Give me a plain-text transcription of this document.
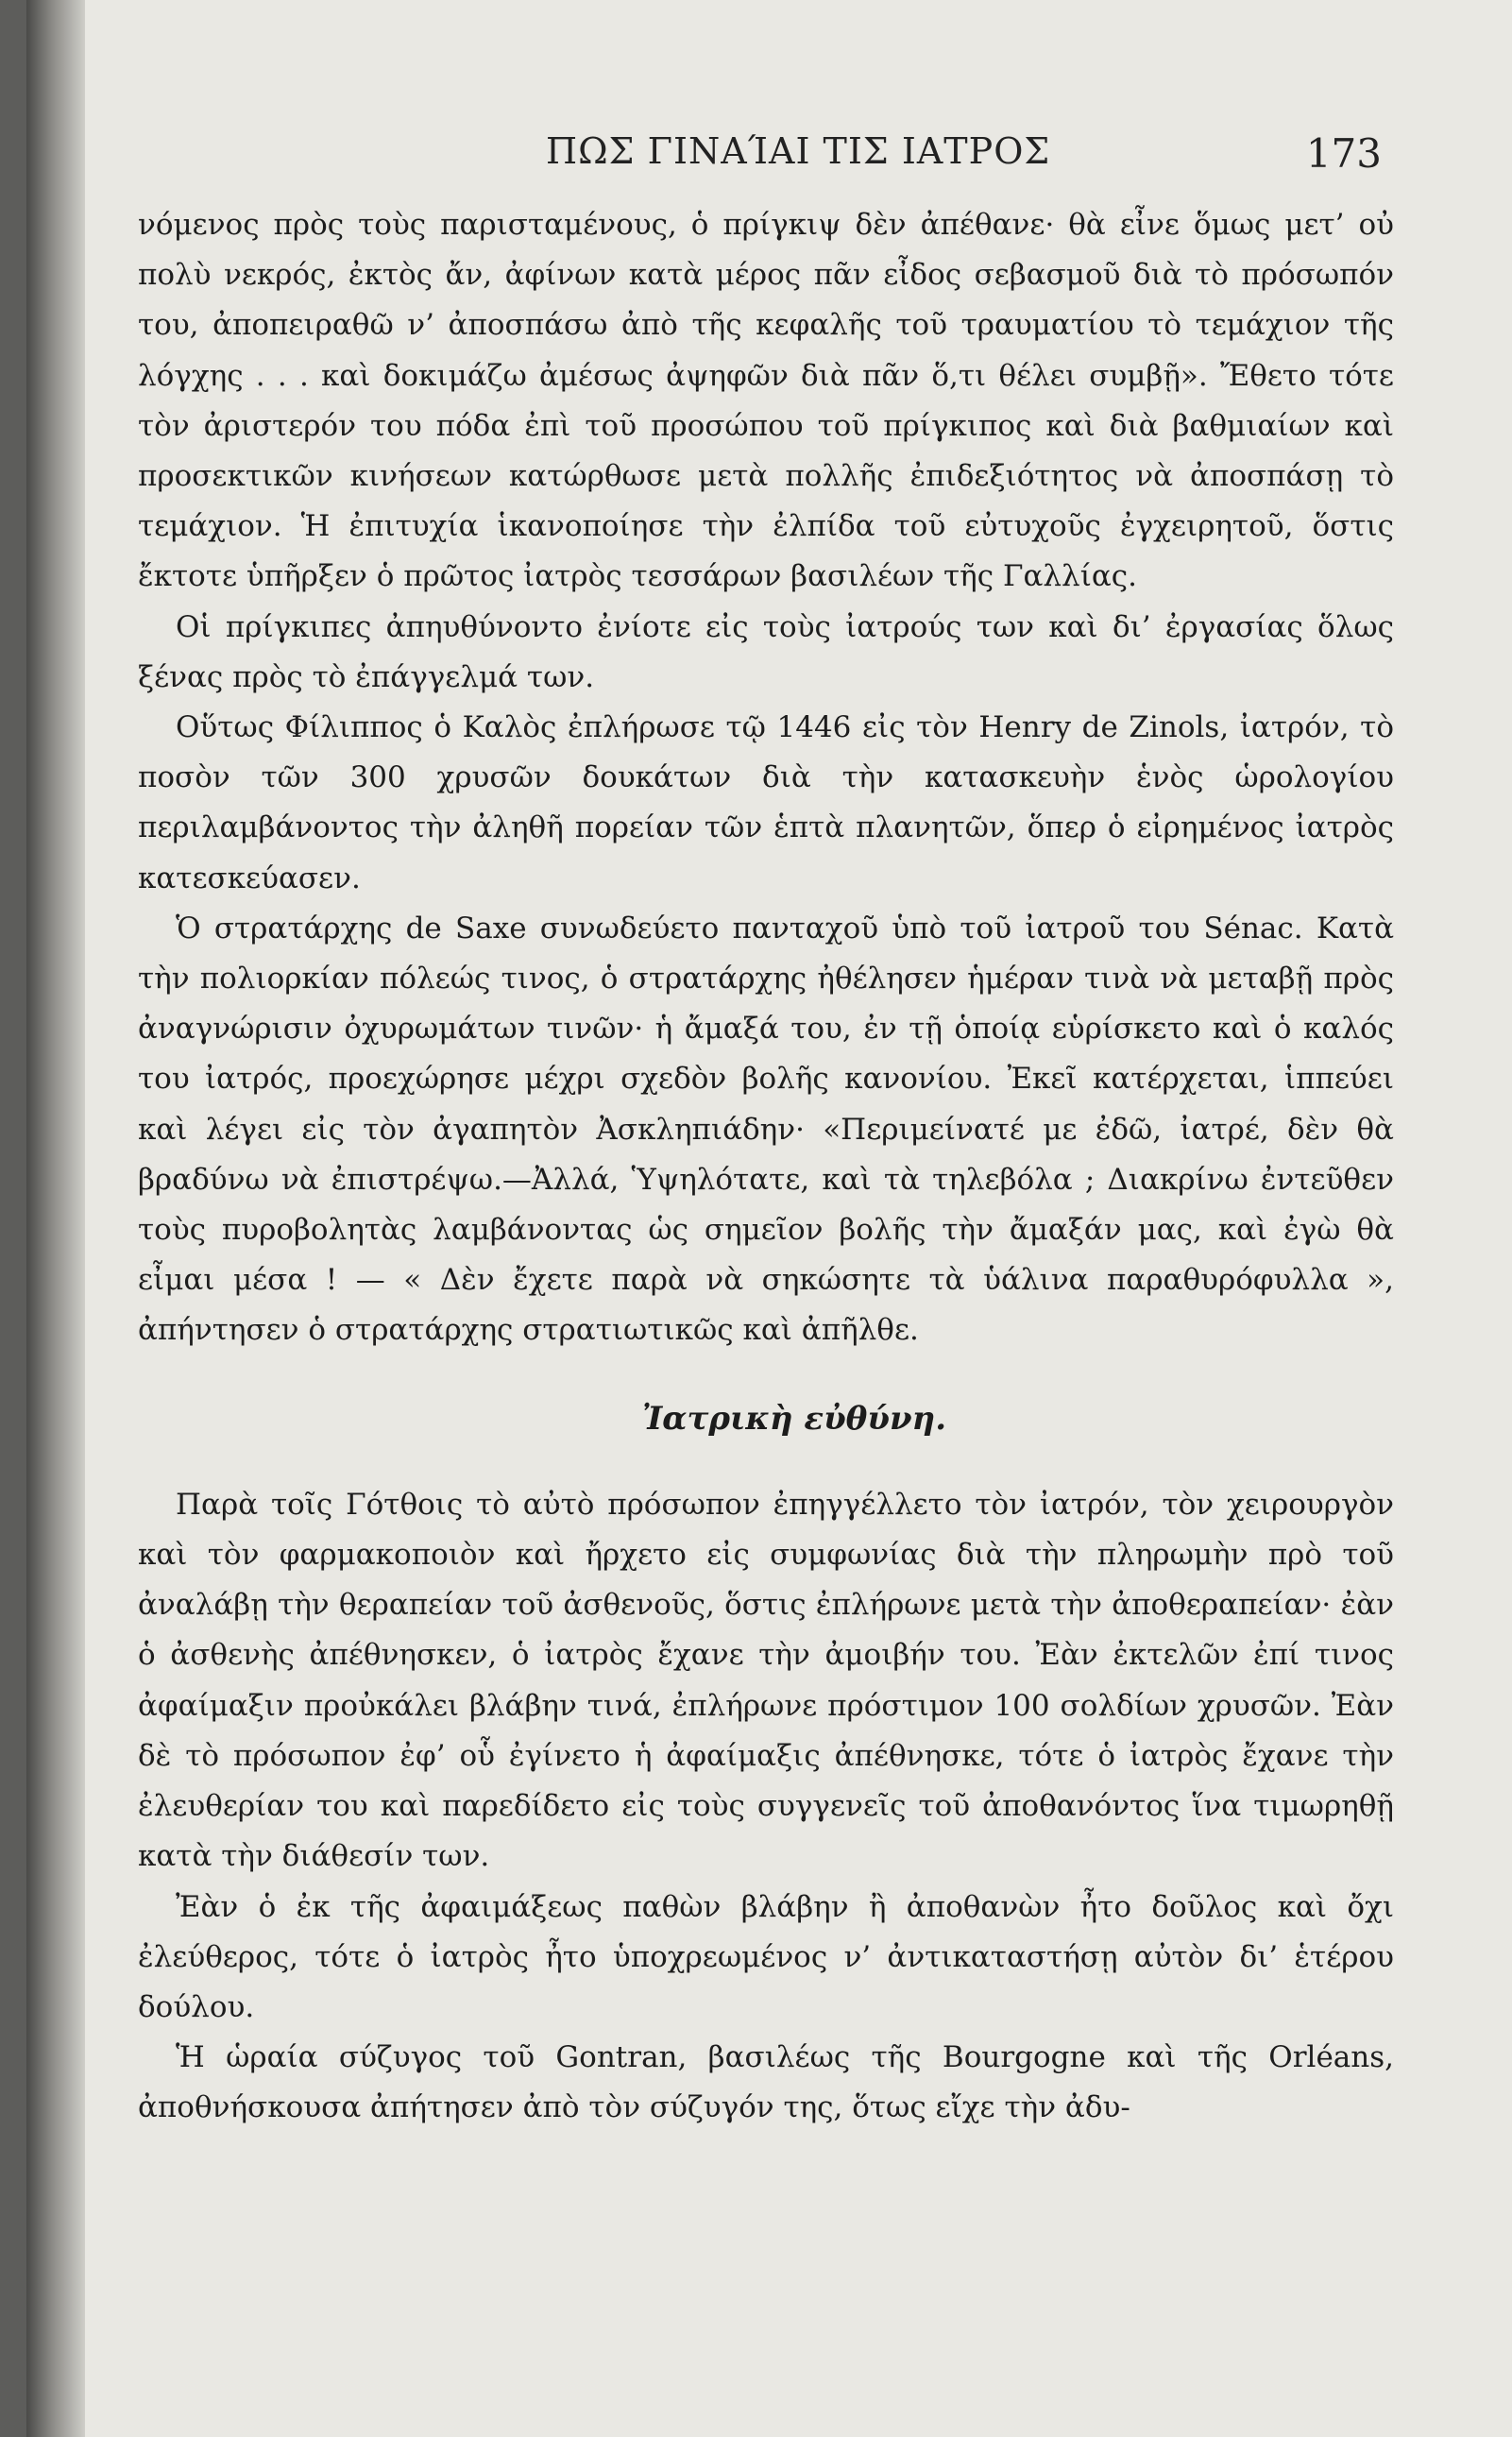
ΠΩΣ ΓΙΝΑΊΑΙ ΤΙΣ ΙΑΤΡΟΣ	173

νόμενος πρὸς τοὺς παρισταμένους, ὁ πρίγκιψ δὲν ἀπέθανε· θὰ εἶνε ὅμως μετ’ οὐ πολὺ νεκρός, ἐκτὸς ἄν, ἀφίνων κατὰ μέρος πᾶν εἶδος σεβασμοῦ διὰ τὸ πρόσωπόν του, ἀποπειραθῶ ν’ ἀποσπάσω ἀπὸ τῆς κεφαλῆς τοῦ τραυματίου τὸ τεμάχιον τῆς λόγχης . . . καὶ δοκιμάζω ἀμέσως ἀψηφῶν διὰ πᾶν ὅ,τι θέλει συμβῇ». Ἔθετο τότε τὸν ἀριστερόν του πόδα ἐπὶ τοῦ προσώπου τοῦ πρίγκιπος καὶ διὰ βαθμιαίων καὶ προσεκτικῶν κινήσεων κατώρθωσε μετὰ πολλῆς ἐπιδεξιότητος νὰ ἀποσπάσῃ τὸ τεμάχιον. Ἡ ἐπιτυχία ἱκανοποίησε τὴν ἐλπίδα τοῦ εὐτυχοῦς ἐγχειρητοῦ, ὅστις ἔκτοτε ὑπῆρξεν ὁ πρῶτος ἰατρὸς τεσσάρων βασιλέων τῆς Γαλλίας.

Οἱ πρίγκιπες ἀπηυθύνοντο ἐνίοτε εἰς τοὺς ἰατρούς των καὶ δι’ ἐργασίας ὅλως ξένας πρὸς τὸ ἐπάγγελμά των.

Οὕτως Φίλιππος ὁ Καλὸς ἐπλήρωσε τῷ 1446 εἰς τὸν Henry de Zinols, ἰατρόν, τὸ ποσὸν τῶν 300 χρυσῶν δουκάτων διὰ τὴν κατασκευὴν ἑνὸς ὡρολογίου περιλαμβάνοντος τὴν ἀληθῆ πορείαν τῶν ἑπτὰ πλανητῶν, ὅπερ ὁ εἰρημένος ἰατρὸς κατεσκεύασεν.

Ὁ στρατάρχης de Saxe συνωδεύετο πανταχοῦ ὑπὸ τοῦ ἰατροῦ του Sénac. Κατὰ τὴν πολιορκίαν πόλεώς τινος, ὁ στρατάρχης ἠθέλησεν ἡμέραν τινὰ νὰ μεταβῇ πρὸς ἀναγνώρισιν ὀχυρωμάτων τινῶν· ἡ ἄμαξά του, ἐν τῇ ὁποίᾳ εὑρίσκετο καὶ ὁ καλός του ἰατρός, προεχώρησε μέχρι σχεδὸν βολῆς κανονίου. Ἐκεῖ κατέρχεται, ἱππεύει καὶ λέγει εἰς τὸν ἀγαπητὸν Ἀσκληπιάδην· «Περιμείνατέ με ἐδῶ, ἰατρέ, δὲν θὰ βραδύνω νὰ ἐπιστρέψω.—Ἀλλά, Ὑψηλότατε, καὶ τὰ τηλεβόλα ; Διακρίνω ἐντεῦθεν τοὺς πυροβολητὰς λαμβάνοντας ὡς σημεῖον βολῆς τὴν ἄμαξάν μας, καὶ ἐγὼ θὰ εἶμαι μέσα ! — « Δὲν ἔχετε παρὰ νὰ σηκώσητε τὰ ὑάλινα παραθυρόφυλλα », ἀπήντησεν ὁ στρατάρχης στρατιωτικῶς καὶ ἀπῆλθε.

Ἰατρικὴ εὐθύνη.

Παρὰ τοῖς Γότθοις τὸ αὐτὸ πρόσωπον ἐπηγγέλλετο τὸν ἰατρόν, τὸν χειρουργὸν καὶ τὸν φαρμακοποιὸν καὶ ἤρχετο εἰς συμφωνίας διὰ τὴν πληρωμὴν πρὸ τοῦ ἀναλάβῃ τὴν θεραπείαν τοῦ ἀσθενοῦς, ὅστις ἐπλήρωνε μετὰ τὴν ἀποθεραπείαν· ἐὰν ὁ ἀσθενὴς ἀπέθνησκεν, ὁ ἰατρὸς ἔχανε τὴν ἀμοιβήν του. Ἐὰν ἐκτελῶν ἐπί τινος ἀφαίμαξιν προὐκάλει βλάβην τινά, ἐπλήρωνε πρόστιμον 100 σολδίων χρυσῶν. Ἐὰν δὲ τὸ πρόσωπον ἐφ’ οὗ ἐγίνετο ἡ ἀφαίμαξις ἀπέθνησκε, τότε ὁ ἰατρὸς ἔχανε τὴν ἐλευθερίαν του καὶ παρεδίδετο εἰς τοὺς συγγενεῖς τοῦ ἀποθανόντος ἵνα τιμωρηθῇ κατὰ τὴν διάθεσίν των.

Ἐὰν ὁ ἐκ τῆς ἀφαιμάξεως παθὼν βλάβην ἢ ἀποθανὼν ἦτο δοῦλος καὶ ὄχι ἐλεύθερος, τότε ὁ ἰατρὸς ἦτο ὑποχρεωμένος ν’ ἀντικαταστήσῃ αὐτὸν δι’ ἑτέρου δούλου.

Ἡ ὡραία σύζυγος τοῦ Gontran, βασιλέως τῆς Bourgogne καὶ τῆς Orléans, ἀποθνήσκουσα ἀπήτησεν ἀπὸ τὸν σύζυγόν της, ὅτως εἴχε τὴν ἀδυ-
